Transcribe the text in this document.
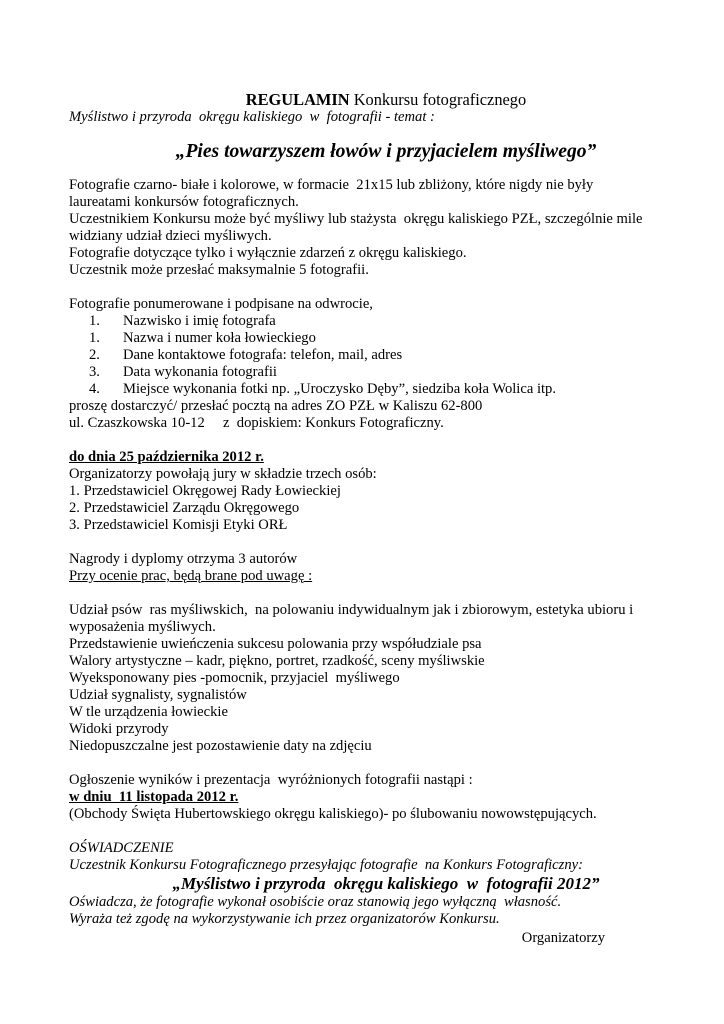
REGULAMIN Konkursu fotograficznego
Myślistwo i przyroda  okręgu kaliskiego  w  fotografii - temat :
„Pies towarzyszem łowów i przyjacielem myśliwego”

Fotografie czarno- białe i kolorowe, w formacie  21x15 lub zbliżony, które nigdy nie były

laureatami konkursów fotograficznych.

Uczestnikiem Konkursu może być myśliwy lub stażysta  okręgu kaliskiego PZŁ, szczególnie mile

widziany udział dzieci myśliwych.

Fotografie dotyczące tylko i wyłącznie zdarzeń z okręgu kaliskiego.

Uczestnik może przesłać maksymalnie 5 fotografii.

Fotografie ponumerowane i podpisane na odwrocie,

1. Nazwisko i imię fotografa
1. Nazwa i numer koła łowieckiego
2. Dane kontaktowe fotografa: telefon, mail, adres
3. Data wykonania fotografii
4. Miejsce wykonania fotki np. „Uroczysko Dęby”, siedziba koła Wolica itp.

proszę dostarczyć/ przesłać pocztą na adres ZO PZŁ w Kaliszu 62-800

ul. Czaszkowska 10-12     z  dopiskiem: Konkurs Fotograficzny.

do dnia 25 października 2012 r.

Organizatorzy powołają jury w składzie trzech osób:

1. Przedstawiciel Okręgowej Rady Łowieckiej

2. Przedstawiciel Zarządu Okręgowego

3. Przedstawiciel Komisji Etyki ORŁ

Nagrody i dyplomy otrzyma 3 autorów

Przy ocenie prac, będą brane pod uwagę :

Udział psów  ras myśliwskich,  na polowaniu indywidualnym jak i zbiorowym, estetyka ubioru i

wyposażenia myśliwych.

Przedstawienie uwieńczenia sukcesu polowania przy współudziale psa

Walory artystyczne – kadr, piękno, portret, rzadkość, sceny myśliwskie

Wyeksponowany pies -pomocnik, przyjaciel  myśliwego

Udział sygnalisty, sygnalistów

W tle urządzenia łowieckie

Widoki przyrody

Niedopuszczalne jest pozostawienie daty na zdjęciu

Ogłoszenie wyników i prezentacja  wyróżnionych fotografii nastąpi :

w dniu  11 listopada 2012 r.

(Obchody Święta Hubertowskiego okręgu kaliskiego)- po ślubowaniu nowowstępujących.

OŚWIADCZENIE

Uczestnik Konkursu Fotograficznego przesyłając fotografie  na Konkurs Fotograficzny:

„Myślistwo i przyroda  okręgu kaliskiego  w  fotografii 2012”

Oświadcza, że fotografie wykonał osobiście oraz stanowią jego wyłączną  własność.

Wyraża też zgodę na wykorzystywanie ich przez organizatorów Konkursu.

Organizatorzy
